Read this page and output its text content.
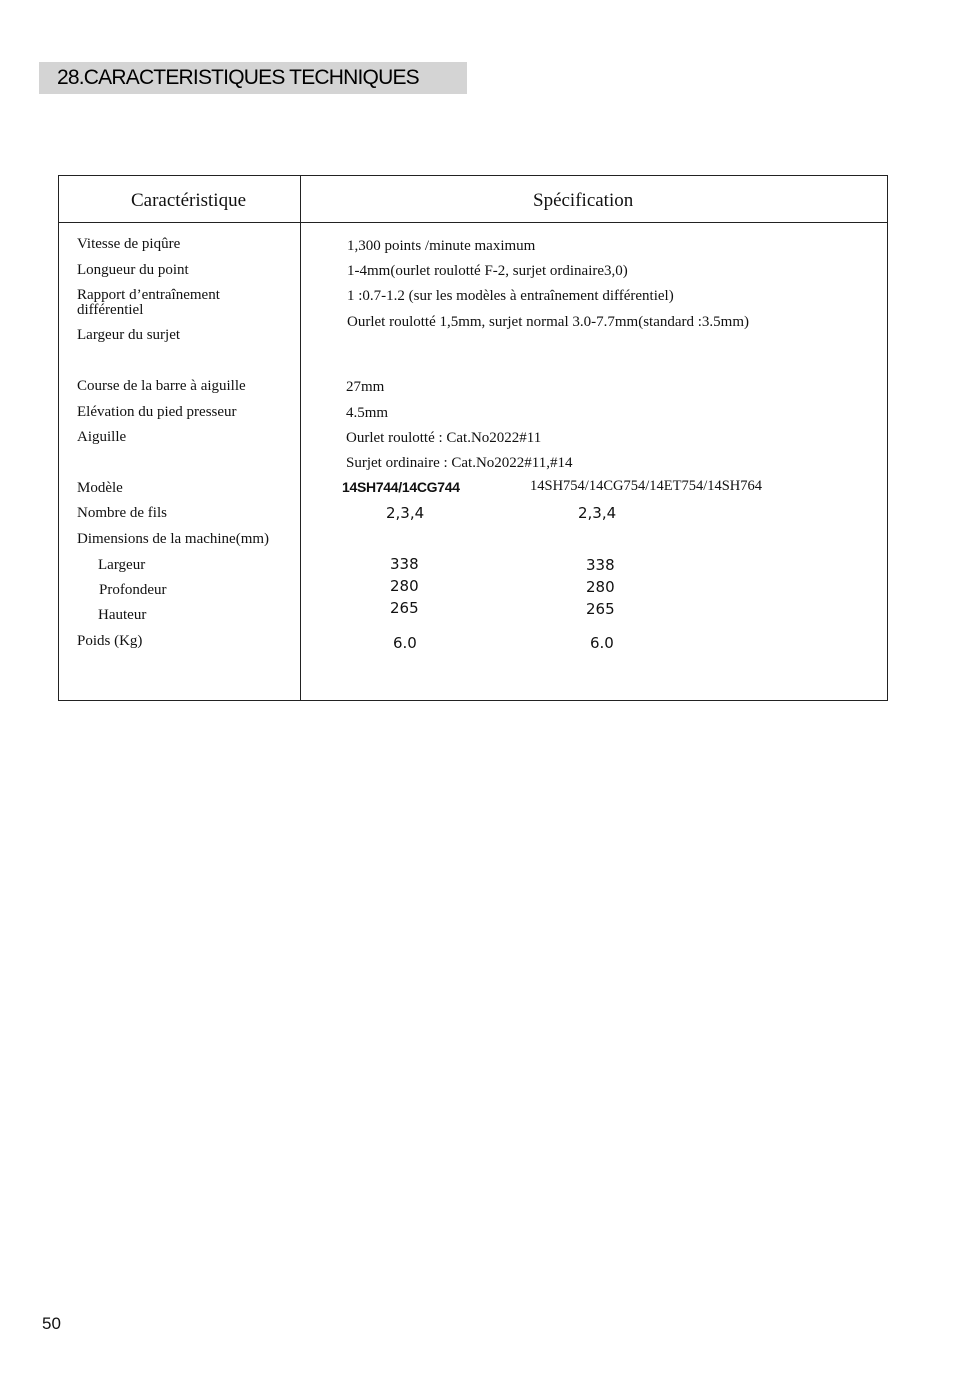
28.CARACTERISTIQUES TECHNIQUES
Caractéristique	Spécification
Vitesse de piqûre
Longueur du point
Rapport d’entraînement
différentiel
Largeur du surjet
Course de la barre à aiguille
Elévation du pied presseur
Aiguille
Modèle
Nombre de fils
Dimensions de la machine(mm)
Largeur
Profondeur
Hauteur
Poids (Kg)
1,300 points /minute maximum
1-4mm(ourlet roulotté F-2, surjet ordinaire3,0)
1 :0.7-1.2 (sur les modèles à entraînement différentiel)
Ourlet roulotté 1,5mm, surjet normal 3.0-7.7mm(standard :3.5mm)
27mm
4.5mm
Ourlet roulotté : Cat.No2022#11
Surjet ordinaire : Cat.No2022#11,#14
14SH744/14CG744
2,3,4
338
280
265
6.0
14SH754/14CG754/14ET754/14SH764
2,3,4
338
280
265
6.0
50
